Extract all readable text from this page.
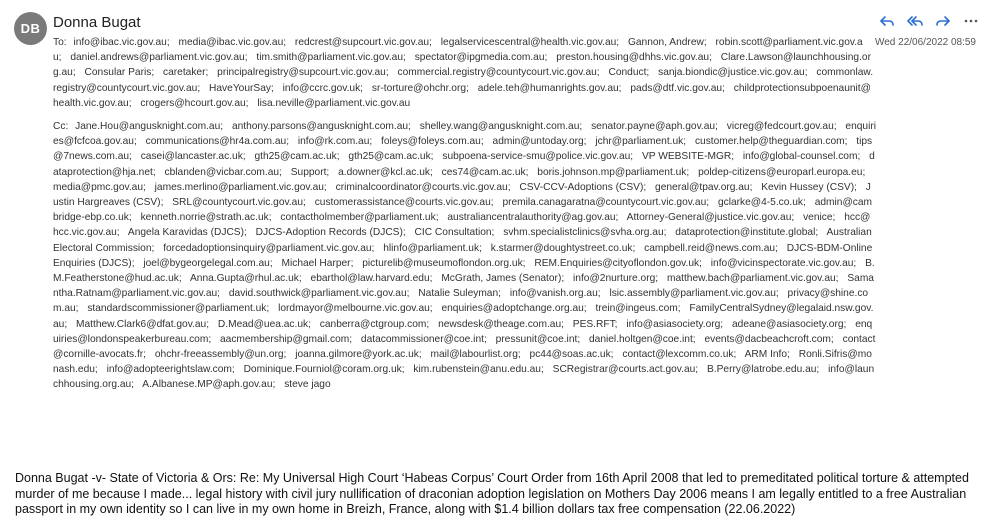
DB Donna Bugat
Wed 22/06/2022 08:59
To: info@ibac.vic.gov.au; media@ibac.vic.gov.au; redcrest@supcourt.vic.gov.au; legalservicescentral@health.vic.gov.au; Gannon, Andrew; robin.scott@parliament.vic.gov.au; daniel.andrews@parliament.vic.gov.au; tim.smith@parliament.vic.gov.au; spectator@ipgmedia.com.au; preston.housing@dhhs.vic.gov.au; Clare.Lawson@launchhousing.org.au; Consular Paris; caretaker; principalregistry@supcourt.vic.gov.au; commercial.registry@countycourt.vic.gov.au; Conduct; sanja.biondic@justice.vic.gov.au; commonlaw.registry@countycourt.vic.gov.au; HaveYourSay; info@ccrc.gov.uk; sr-torture@ohchr.org; adele.teh@humanrights.gov.au; pads@dtf.vic.gov.au; childprotectionsubpoenaunit@health.vic.gov.au; crogers@hcourt.gov.au; lisa.neville@parliament.vic.gov.au
Cc: Jane.Hou@angusknight.com.au; anthony.parsons@angusknight.com.au; shelley.wang@angusknight.com.au; senator.payne@aph.gov.au; vicreg@fedcourt.gov.au; enquiries@fcfcoa.gov.au; communications@hr4a.com.au; info@rk.com.au; foleys@foleys.com.au; admin@untoday.org; jchr@parliament.uk; customer.help@theguardian.com; tips@7news.com.au; casei@lancaster.ac.uk; gth25@cam.ac.uk; gth25@cam.ac.uk; subpoena-service-smu@police.vic.gov.au; VP WEBSITE-MGR; info@global-counsel.com; dataprotection@hja.net; cblanden@vicbar.com.au; Support; a.downer@kcl.ac.uk; ces74@cam.ac.uk; boris.johnson.mp@parliament.uk; poldep-citizens@europarl.europa.eu; media@pmc.gov.au; james.merlino@parliament.vic.gov.au; criminalcoordinator@courts.vic.gov.au; CSV-CCV-Adoptions (CSV); general@tpav.org.au; Kevin Hussey (CSV); Justin Hargreaves (CSV); SRL@countycourt.vic.gov.au; customerassistance@courts.vic.gov.au; premila.canagaratna@countycourt.vic.gov.au; gclarke@4-5.co.uk; admin@cambridge-ebp.co.uk; kenneth.norrie@strath.ac.uk; contactholmember@parliament.uk; australiancentralauthority@ag.gov.au; Attorney-General@justice.vic.gov.au; venice; hcc@hcc.vic.gov.au; Angela Karavidas (DJCS); DJCS-Adoption Records (DJCS); CIC Consultation; svhm.specialistclinics@svha.org.au; dataprotection@institute.global; Australian Electoral Commission; forcedadoptionsinquiry@parliament.vic.gov.au; hlinfo@parliament.uk; k.starmer@doughtystreet.co.uk; campbell.reid@news.com.au; DJCS-BDM-Online Enquiries (DJCS); joel@bygeorgelegal.com.au; Michael Harper; picturelib@museumoflondon.org.uk; REM.Enquiries@cityoflondon.gov.uk; info@vicinspectorate.vic.gov.au; B.M.Featherstone@hud.ac.uk; Anna.Gupta@rhul.ac.uk; ebarthol@law.harvard.edu; McGrath, James (Senator); info@2nurture.org; matthew.bach@parliament.vic.gov.au; Samantha.Ratnam@parliament.vic.gov.au; david.southwick@parliament.vic.gov.au; Natalie Suleyman; info@vanish.org.au; lsic.assembly@parliament.vic.gov.au; privacy@shine.com.au; standardscommissioner@parliament.uk; lordmayor@melbourne.vic.gov.au; enquiries@adoptchange.org.au; trein@ingeus.com; FamilyCentralSydney@legalaid.nsw.gov.au; Matthew.Clark6@dfat.gov.au; D.Mead@uea.ac.uk; canberra@ctgroup.com; newsdesk@theage.com.au; PES.RFT; info@asiasociety.org; adeane@asiasociety.org; enquiries@londonspeakerbureau.com; aacmembership@gmail.com; datacommissioner@coe.int; pressunit@coe.int; daniel.holtgen@coe.int; events@dacbeachcroft.com; contact@cornille-avocats.fr; ohchr-freeassembly@un.org; joanna.gilmore@york.ac.uk; mail@labourlist.org; pc44@soas.ac.uk; contact@lexcomm.co.uk; ARM Info; Ronli.Sifris@monash.edu; info@adopteerightslaw.com; Dominique.Fourniol@coram.org.uk; kim.rubenstein@anu.edu.au; SCRegistrar@courts.act.gov.au; B.Perry@latrobe.edu.au; info@launchhousing.org.au; A.Albanese.MP@aph.gov.au; steve jago
Donna Bugat -v- State of Victoria & Ors: Re: My Universal High Court ‘Habeas Corpus’ Court Order from 16th April 2008 that led to premeditated political torture & attempted murder of me because I made... legal history with civil jury nullification of draconian adoption legislation on Mothers Day 2006 means I am legally entitled to a free Australian passport in my own identity so I can live in my own home in Breizh, France, along with $1.4 billion dollars tax free compensation (22.06.2022)
